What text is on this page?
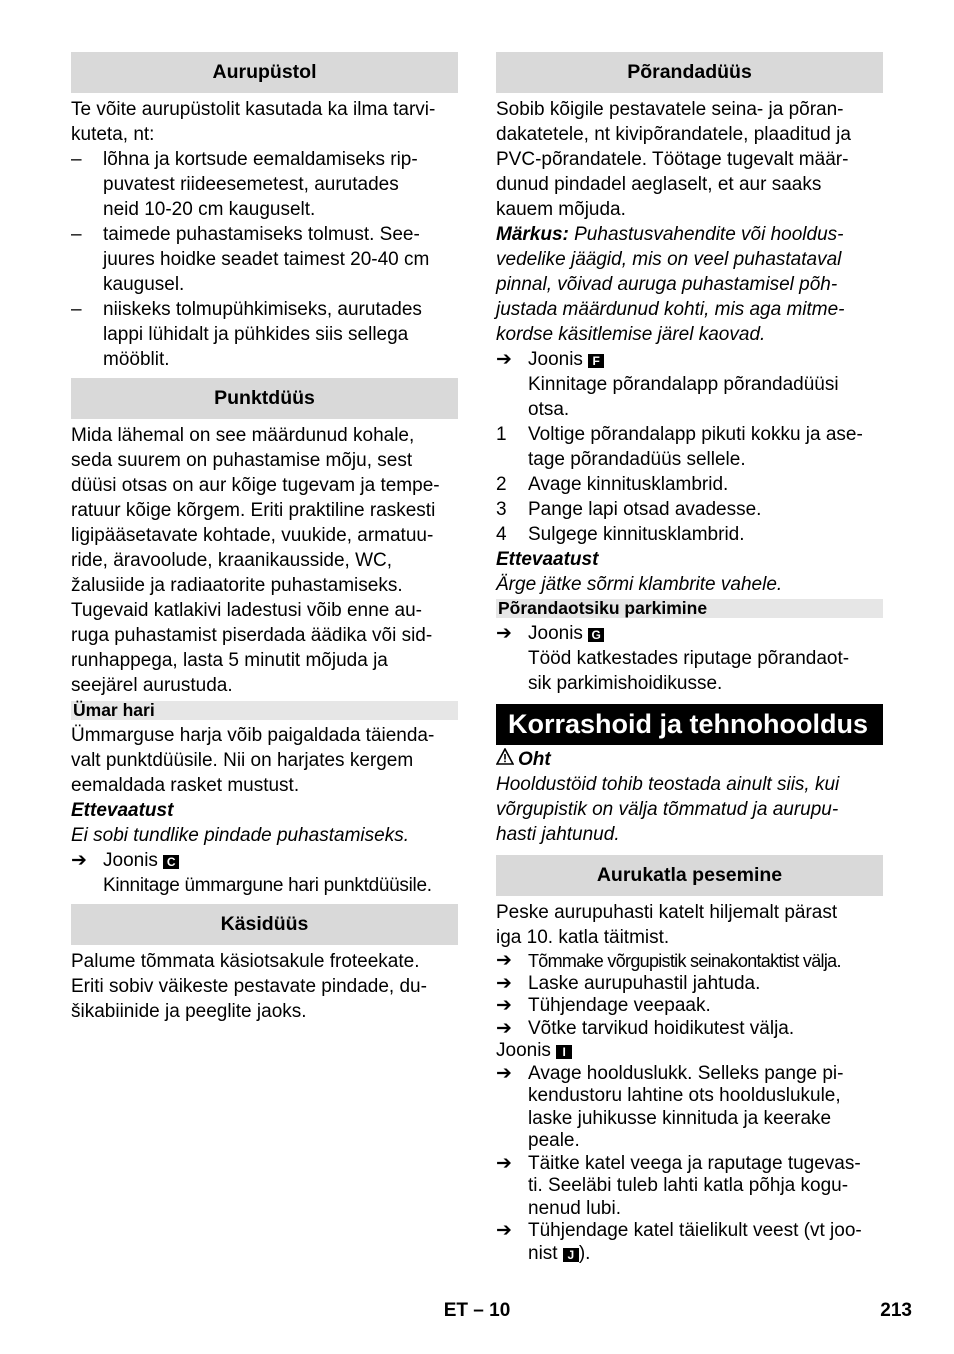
Aurupüstol

Te võite aurupüstolit kasutada ka ilma tarvi-

kuteta, nt:

–	lõhna ja kortsude eemaldamiseks rip-

puvatest riideesemetest, aurutades

neid 10-20 cm kauguselt.

–	taimede puhastamiseks tolmust. See-

juures hoidke seadet taimest 20-40 cm

kaugusel.

–	niiskeks tolmupühkimiseks, aurutades

lappi lühidalt ja pühkides siis sellega

mööblit.

Punktdüüs

Mida lähemal on see määrdunud kohale,

seda suurem on puhastamise mõju, sest

düüsi otsas on aur kõige tugevam ja tempe-

ratuur kõige kõrgem. Eriti praktiline raskesti

ligipääsetavate kohtade, vuukide, armatuu-

ride, äravoolude, kraanikausside, WC,

žalusiide ja radiaatorite puhastamiseks.

Tugevaid katlakivi ladestusi võib enne au-

ruga puhastamist piserdada äädika või sid-

runhappega, lasta 5 minutit mõjuda ja

seejärel aurustuda.

Ümar hari

Ümmarguse harja võib paigaldada täienda-

valt punktdüüsile. Nii on harjates kergem

eemaldada rasket mustust.

Ettevaatust

Ei sobi tundlike pindade puhastamiseks.

➔ Joonis C

Kinnitage ümmargune hari punktdüüsile.

Käsidüüs

Palume tõmmata käsiotsakule froteekate.

Eriti sobiv väikeste pestavate pindade, du-

šikabiinide ja peeglite jaoks.

Põrandadüüs

Sobib kõigile pestavatele seina- ja põran-

dakatetele, nt kivipõrandatele, plaaditud ja

PVC-põrandatele. Töötage tugevalt määr-

dunud pindadel aeglaselt, et aur saaks

kauem mõjuda.

Märkus: Puhastusvahendite või hooldus-

vedelike jäägid, mis on veel puhastataval

pinnal, võivad auruga puhastamisel põh-

justada määrdunud kohti, mis aga mitme-

kordse käsitlemise järel kaovad.

➔ Joonis F

Kinnitage põrandalapp põrandadüüsi

otsa.

1	Voltige põrandalapp pikuti kokku ja ase-

tage põrandadüüs sellele.

2	Avage kinnitusklambrid.

3	Pange lapi otsad avadesse.

4	Sulgege kinnitusklambrid.

Ettevaatust

Ärge jätke sõrmi klambrite vahele.

Põrandaotsiku parkimine
➔ Joonis G

Tööd katkestades riputage põrandaot-

sik parkimishoidikusse.

Korrashoid ja tehnohooldus

Oht

Hooldustöid tohib teostada ainult siis, kui

võrgupistik on välja tõmmatud ja aurupu-

hasti jahtunud.

Aurukatla pesemine

Peske aurupuhasti katelt hiljemalt pärast

iga 10. katla täitmist.

➔ Tõmmake võrgupistik seinakontaktist välja.

➔ Laske aurupuhastil jahtuda.

➔ Tühjendage veepaak.

➔ Võtke tarvikud hoidikutest välja.

Joonis I

➔ Avage hoolduslukk. Selleks pange pi-

kendustoru lahtine ots hoolduslukule,

laske juhikusse kinnituda ja keerake

peale.

➔ Täitke katel veega ja raputage tugevas-

ti. Seeläbi tuleb lahti katla põhja kogu-

nenud lubi.

➔ Tühjendage katel täielikult veest (vt joo-

nist J ).

ET – 10	213
